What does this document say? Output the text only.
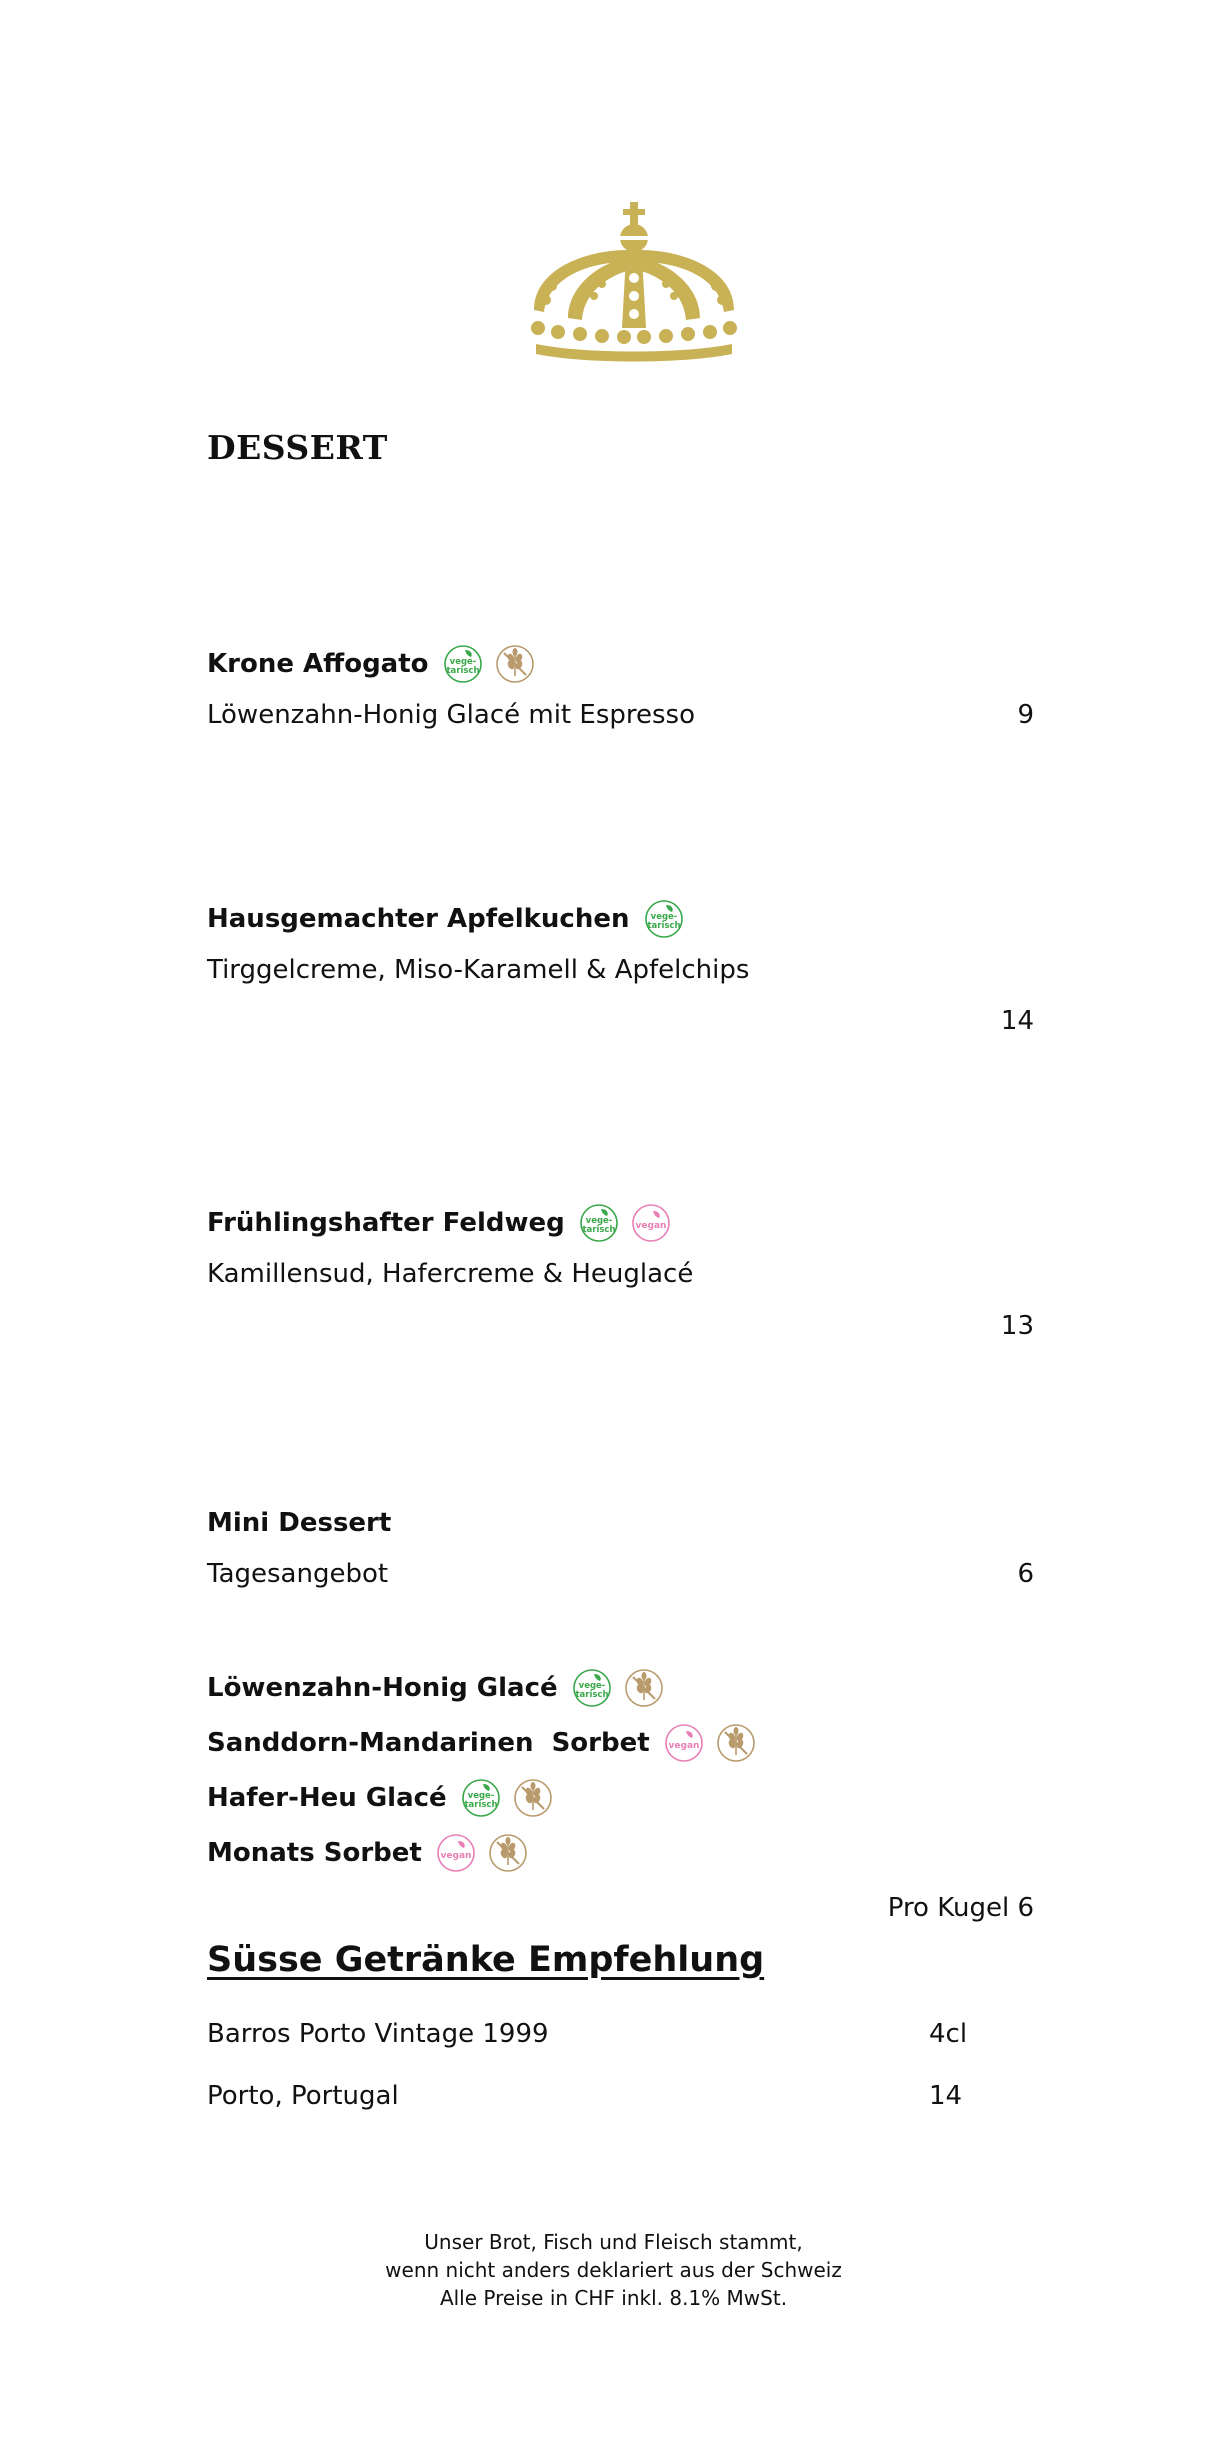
DESSERT
Krone Affogato vege-
tarisch
Löwenzahn-Honig Glacé mit Espresso	9
Hausgemachter Apfelkuchen vege-
tarisch
Tirggelcreme, Miso-Karamell & Apfelchips
14
Frühlingshafter Feldweg vege-
tarisch vegan
Kamillensud, Hafercreme & Heuglacé
13
Mini Dessert
Tagesangebot	6
Löwenzahn-Honig Glacé vege-
tarisch
Sanddorn-Mandarinen  Sorbet vegan
Hafer-Heu Glacé vege-
tarisch
Monats Sorbet vegan
Pro Kugel 6
Süsse Getränke Empfehlung
Barros Porto Vintage 1999	4cl
Porto, Portugal	14
Unser Brot, Fisch und Fleisch stammt,
wenn nicht anders deklariert aus der Schweiz
Alle Preise in CHF inkl. 8.1% MwSt.
